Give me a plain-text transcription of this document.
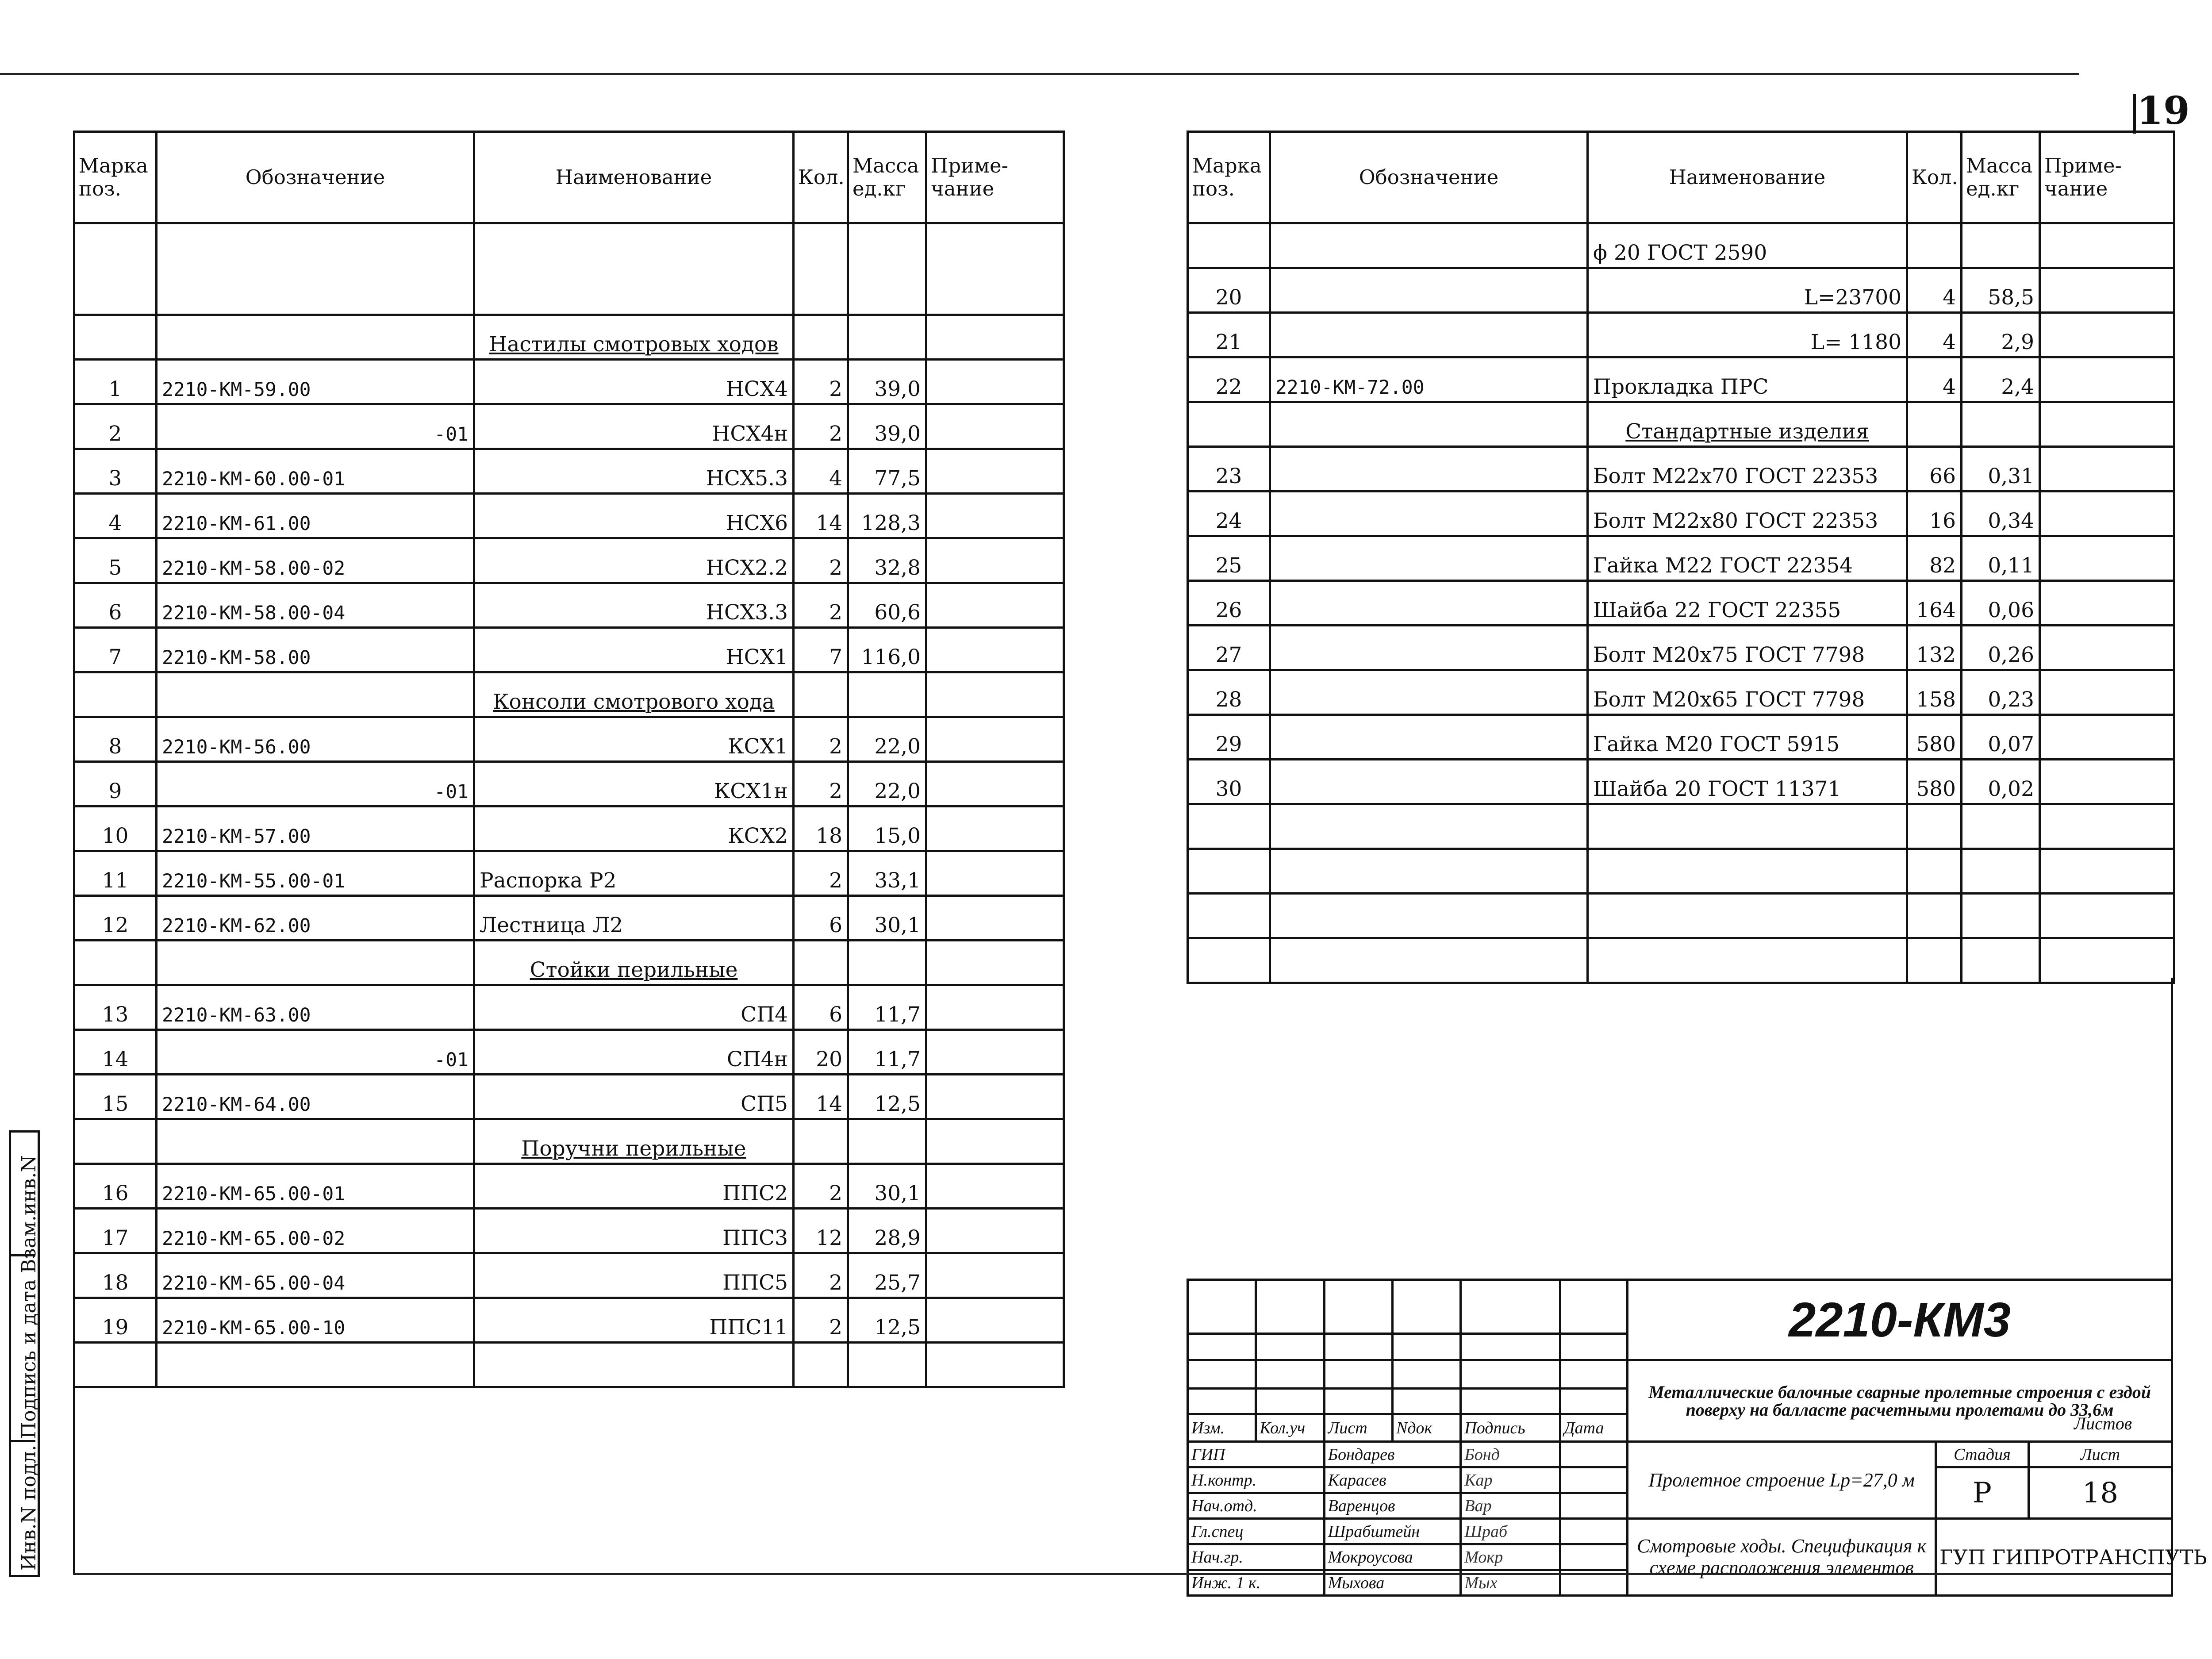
19
Марка поз.	Обозначение	Наименование	Кол.	Масса ед.кг	Приме-чание

		Настилы смотровых ходов			
1	2210-КМ-59.00	НСХ4	2	39,0	
2	-01	НСХ4н	2	39,0	
3	2210-КМ-60.00-01	НСХ5.3	4	77,5	
4	2210-КМ-61.00	НСХ6	14	128,3	
5	2210-КМ-58.00-02	НСХ2.2	2	32,8	
6	2210-КМ-58.00-04	НСХ3.3	2	60,6	
7	2210-КМ-58.00	НСХ1	7	116,0	
		Консоли смотрового хода			
8	2210-КМ-56.00	КСХ1	2	22,0	
9	-01	КСХ1н	2	22,0	
10	2210-КМ-57.00	КСХ2	18	15,0	
11	2210-КМ-55.00-01	Распорка Р2	2	33,1	
12	2210-КМ-62.00	Лестница Л2	6	30,1	
		Стойки перильные			
13	2210-КМ-63.00	СП4	6	11,7	
14	-01	СП4н	20	11,7	
15	2210-КМ-64.00	СП5	14	12,5	
		Поручни перильные			
16	2210-КМ-65.00-01	ППС2	2	30,1	
17	2210-КМ-65.00-02	ППС3	12	28,9	
18	2210-КМ-65.00-04	ППС5	2	25,7	
19	2210-КМ-65.00-10	ППС11	2	12,5	

Марка поз.	Обозначение	Наименование	Кол.	Масса ед.кг	Приме-чание
		ϕ 20 ГОСТ 2590			
20		L=23700	4	58,5	
21		L= 1180	4	2,9	
22	2210-КМ-72.00	Прокладка ПРС	4	2,4	
		Стандартные изделия			
23		Болт М22х70 ГОСТ 22353	66	0,31	
24		Болт М22х80 ГОСТ 22353	16	0,34	
25		Гайка М22 ГОСТ 22354	82	0,11	
26		Шайба 22 ГОСТ 22355	164	0,06	
27		Болт М20х75 ГОСТ 7798	132	0,26	
28		Болт М20х65 ГОСТ 7798	158	0,23	
29		Гайка М20 ГОСТ 5915	580	0,07	
30		Шайба 20 ГОСТ 11371	580	0,02	

						2210-КМ3		

						Металлические балочные сварные пролетные строения с ездой поверху на балласте расчетными пролетами до 33,6м		

Изм.	Кол.уч	Лист	Nдок	Подпись	Дата			
ГИП		Бондарев		Бонд		Пролетное строение Lр=27,0 м	Стадия	Лист
Н.контр.		Карасев		Кар			Р	18
Нач.отд.		Варенцов		Вар				
Гл.спец		Шрабштейн		Шраб		Смотровые ходы. Спецификация к схеме расположения элементов	ГУП ГИПРОТРАНСПУТЬ	
Нач.гр.		Мокроусова		Мокр				
Инж. 1 к.		Мыхова		Мых				
Листов
Инв.N подл. Подпись и дата Взам.инв.N
